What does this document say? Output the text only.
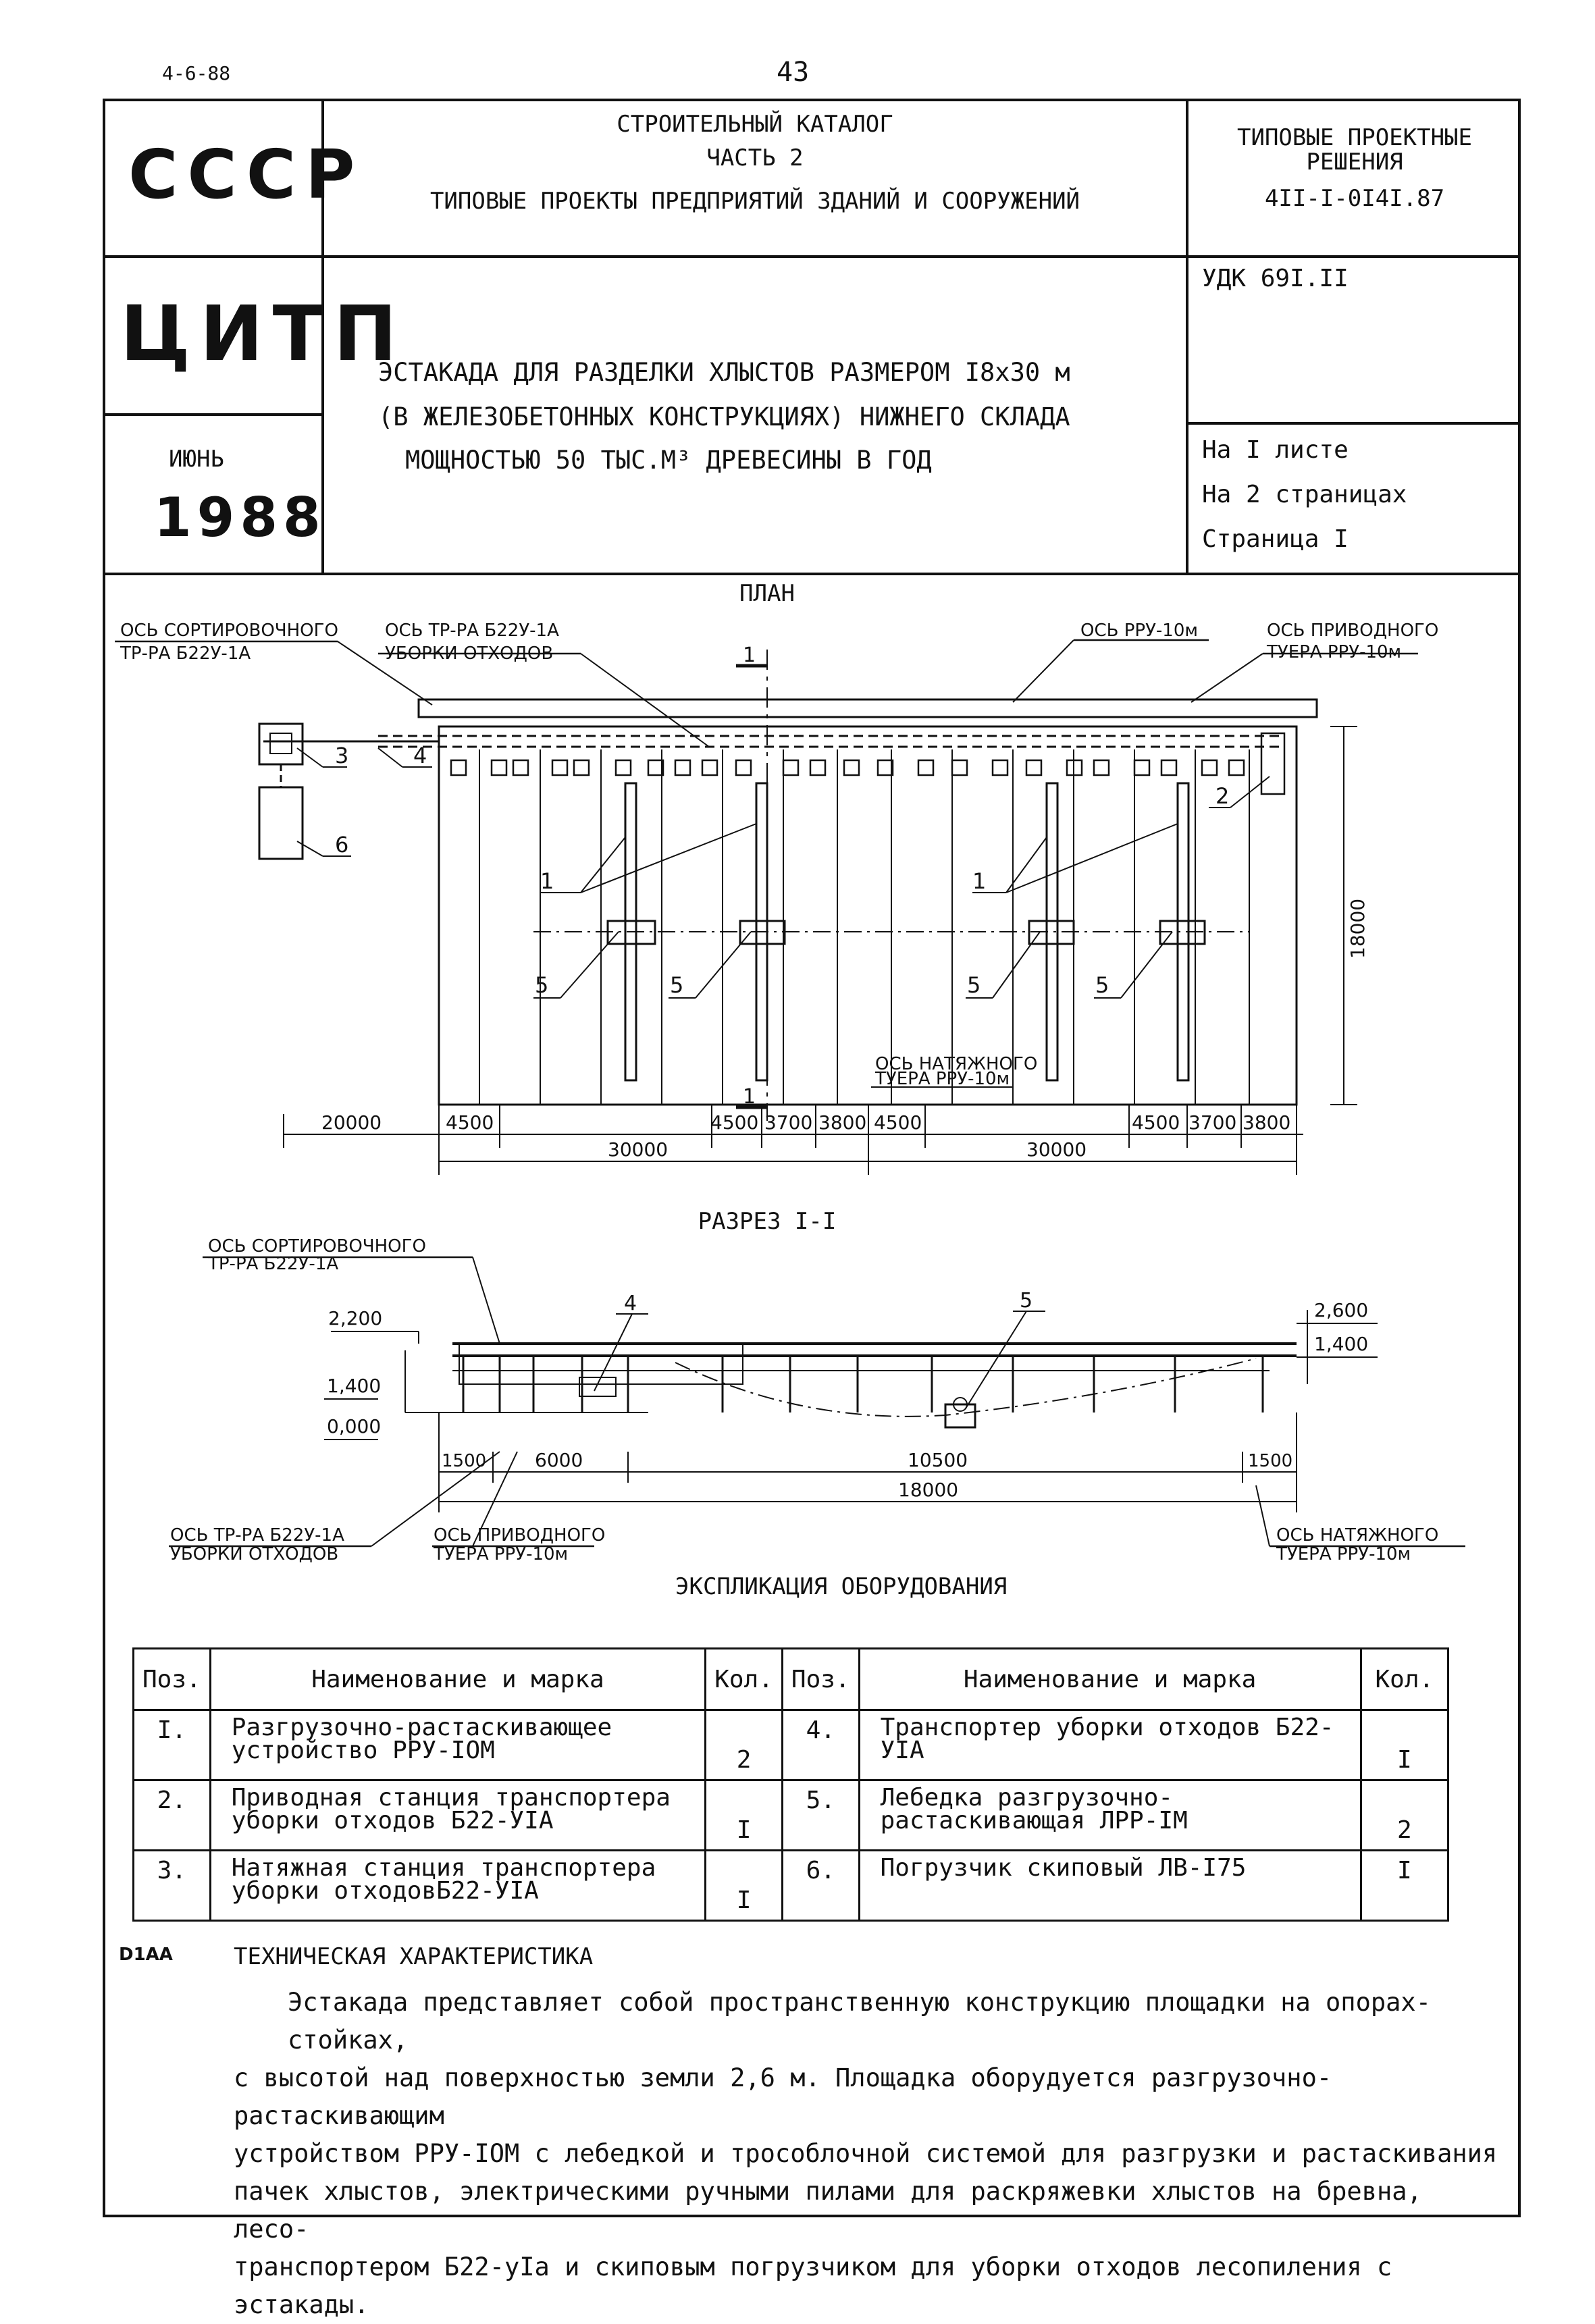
4-6-88	43
СССР
ЦИТП
ИЮНЬ
1988
СТРОИТЕЛЬНЫЙ КАТАЛОГ
ЧАСТЬ 2
ТИПОВЫЕ ПРОЕКТЫ ПРЕДПРИЯТИЙ ЗДАНИЙ И СООРУЖЕНИЙ
ТИПОВЫЕ ПРОЕКТНЫЕ
РЕШЕНИЯ
4II-I-0I4I.87
ЭСТАКАДА ДЛЯ РАЗДЕЛКИ ХЛЫСТОВ РАЗМЕРОМ I8х30 м
(В ЖЕЛЕЗОБЕТОННЫХ КОНСТРУКЦИЯХ) НИЖНЕГО СКЛАДА
МОЩНОСТЬЮ 50 ТЫС.М³ ДРЕВЕСИНЫ В ГОД
УДК 69I.II
На I листе
На 2 страницах
Страница I
ПЛАН
ОСЬ СОРТИРОВОЧНОГО
ТР-РА Б22У-1А
ОСЬ ТР-РА Б22У-1А
УБОРКИ ОТХОДОВ
ОСЬ РРУ-10м	ОСЬ ПРИВОДНОГО
ТУЕРА РРУ-10м
ОСЬ НАТЯЖНОГО
ТУЕРА РРУ-10м
1
1
1	1
2
3	4
6
5	5	5	5
18000
20000	4500	4500 3700 3800 4500	4500 3700 3800
30000	30000
РАЗРЕЗ I-I
ОСЬ СОРТИРОВОЧНОГО
ТР-РА Б22У-1А
2,200
1,400
0,000
2,600
1,400
4	5
1500	6000	10500	1500
18000
ОСЬ ТР-РА Б22У-1А
УБОРКИ ОТХОДОВ
ОСЬ ПРИВОДНОГО
ТУЕРА РРУ-10м
ОСЬ НАТЯЖНОГО
ТУЕРА РРУ-10м
ЭКСПЛИКАЦИЯ ОБОРУДОВАНИЯ
Поз.	Наименование и марка	Кол.	Поз.	Наименование и марка	Кол.
I.	Разгрузочно-растаскивающее устройство РРУ-IОМ	2	4.	Транспортер уборки отходов Б22-УIА	I
2.	Приводная станция транспортера уборки отходов Б22-УIА	I	5.	Лебедка разгрузочно-растаскивающая ЛРР-IМ	2
3.	Натяжная станция транспортера уборки отходовБ22-УIА	I	6.	Погрузчик скиповый ЛВ-I75	I
D1AA	ТЕХНИЧЕСКАЯ ХАРАКТЕРИСТИКА
Эстакада представляет собой пространственную конструкцию площадки на опорах-стойках,
с высотой над поверхностью земли 2,6 м. Площадка оборудуется разгрузочно-растаскивающим
устройством РРУ-IОМ с лебедкой и трособлочной системой для разгрузки и растаскивания
пачек хлыстов, электрическими ручными пилами для раскряжевки хлыстов на бревна, лесо-
транспортером Б22-уIа и скиповым погрузчиком для уборки отходов лесопиления с эстакады.
